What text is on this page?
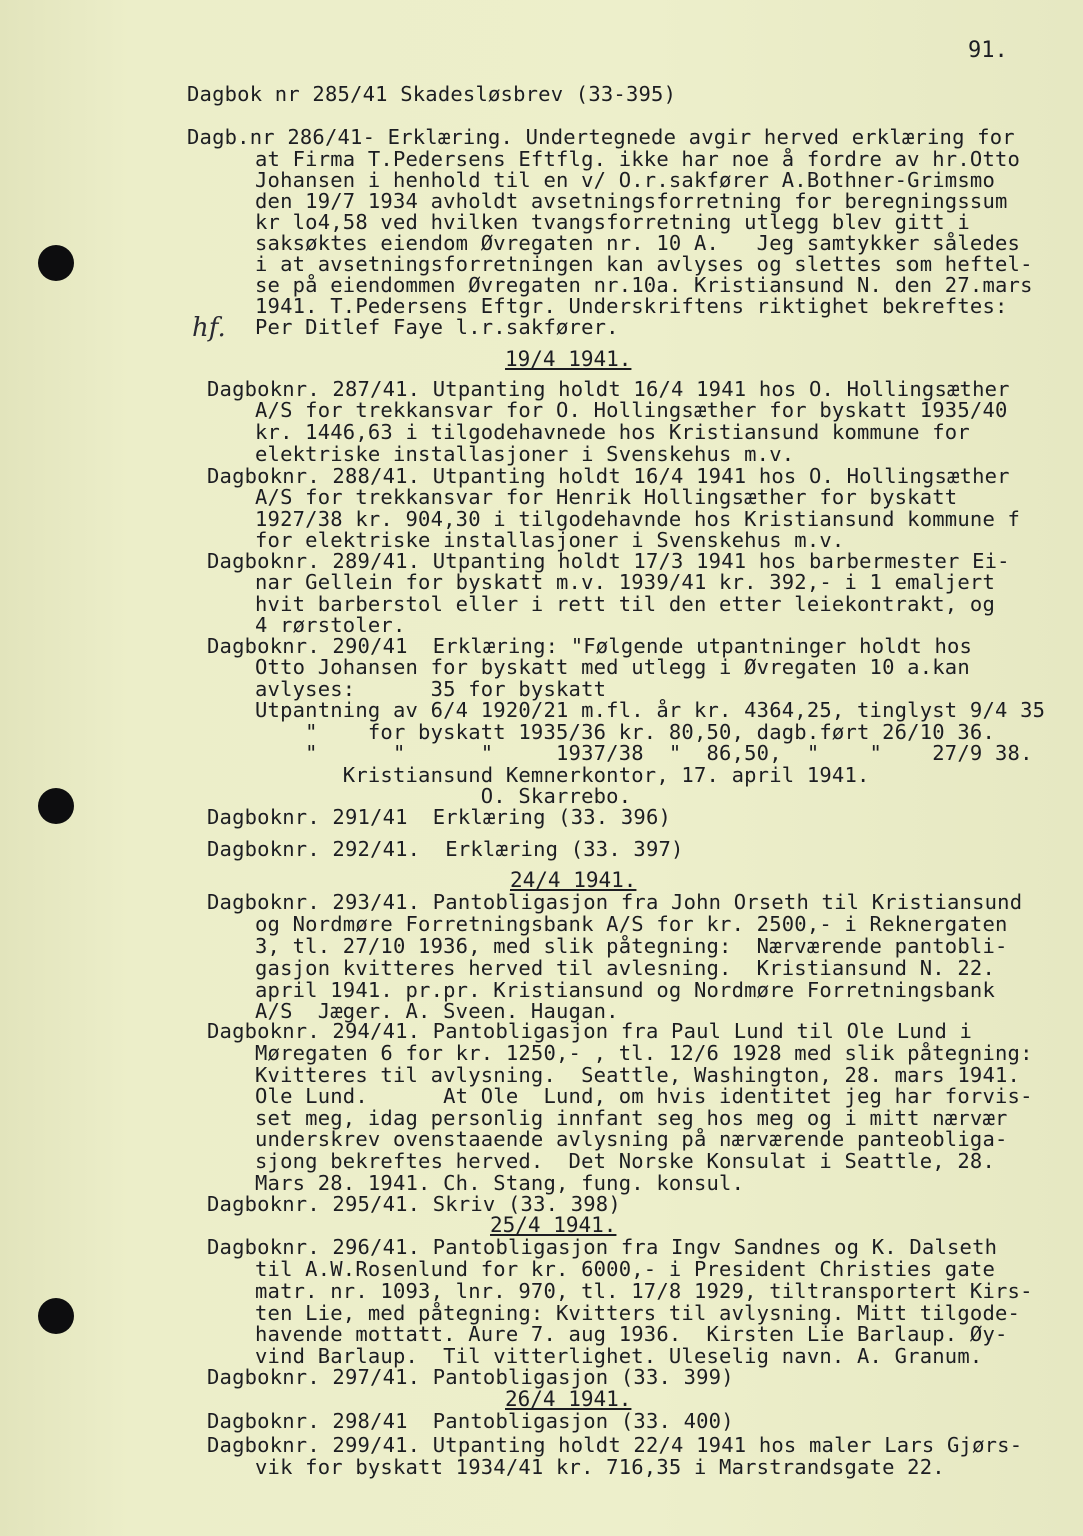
91.
hf.
Dagbok nr 285/41 Skadesløsbrev (33-395)
Dagb.nr 286/41- Erklæring. Undertegnede avgir herved erklæring for
at Firma T.Pedersens Eftflg. ikke har noe å fordre av hr.Otto
Johansen i henhold til en v/ O.r.sakfører A.Bothner-Grimsmo
den 19/7 1934 avholdt avsetningsforretning for beregningssum
kr lo4,58 ved hvilken tvangsforretning utlegg blev gitt i
saksøktes eiendom Øvregaten nr. 10 A.   Jeg samtykker således
i at avsetningsforretningen kan avlyses og slettes som heftel-
se på eiendommen Øvregaten nr.10a. Kristiansund N. den 27.mars
1941. T.Pedersens Eftgr. Underskriftens riktighet bekreftes:
Per Ditlef Faye l.r.sakfører.
19/4 1941.
Dagboknr. 287/41. Utpanting holdt 16/4 1941 hos O. Hollingsæther
A/S for trekkansvar for O. Hollingsæther for byskatt 1935/40
kr. 1446,63 i tilgodehavnede hos Kristiansund kommune for
elektriske installasjoner i Svenskehus m.v.
Dagboknr. 288/41. Utpanting holdt 16/4 1941 hos O. Hollingsæther
A/S for trekkansvar for Henrik Hollingsæther for byskatt
1927/38 kr. 904,30 i tilgodehavnde hos Kristiansund kommune f
for elektriske installasjoner i Svenskehus m.v.
Dagboknr. 289/41. Utpanting holdt 17/3 1941 hos barbermester Ei-
nar Gellein for byskatt m.v. 1939/41 kr. 392,- i 1 emaljert
hvit barberstol eller i rett til den etter leiekontrakt, og
4 rørstoler.
Dagboknr. 290/41  Erklæring: "Følgende utpantninger holdt hos
Otto Johansen for byskatt med utlegg i Øvregaten 10 a.kan
avlyses:      35 for byskatt
Utpantning av 6/4 1920/21 m.fl. år kr. 4364,25, tinglyst 9/4 35
"    for byskatt 1935/36 kr. 80,50, dagb.ført 26/10 36.
"      "      "     1937/38  "  86,50,  "    "    27/9 38.
Kristiansund Kemnerkontor, 17. april 1941.
O. Skarrebo.
Dagboknr. 291/41  Erklæring (33. 396)
Dagboknr. 292/41.  Erklæring (33. 397)
24/4 1941.
Dagboknr. 293/41. Pantobligasjon fra John Orseth til Kristiansund
og Nordmøre Forretningsbank A/S for kr. 2500,- i Reknergaten
3, tl. 27/10 1936, med slik påtegning:  Nærværende pantobli-
gasjon kvitteres herved til avlesning.  Kristiansund N. 22.
april 1941. pr.pr. Kristiansund og Nordmøre Forretningsbank
A/S  Jæger. A. Sveen. Haugan.
Dagboknr. 294/41. Pantobligasjon fra Paul Lund til Ole Lund i
Møregaten 6 for kr. 1250,- , tl. 12/6 1928 med slik påtegning:
Kvitteres til avlysning.  Seattle, Washington, 28. mars 1941.
Ole Lund.      At Ole  Lund, om hvis identitet jeg har forvis-
set meg, idag personlig innfant seg hos meg og i mitt nærvær
underskrev ovenstaaende avlysning på nærværende panteobliga-
sjong bekreftes herved.  Det Norske Konsulat i Seattle, 28.
Mars 28. 1941. Ch. Stang, fung. konsul.
Dagboknr. 295/41. Skriv (33. 398)
25/4 1941.
Dagboknr. 296/41. Pantobligasjon fra Ingv Sandnes og K. Dalseth
til A.W.Rosenlund for kr. 6000,- i President Christies gate
matr. nr. 1093, lnr. 970, tl. 17/8 1929, tiltransportert Kirs-
ten Lie, med påtegning: Kvitters til avlysning. Mitt tilgode-
havende mottatt. Aure 7. aug 1936.  Kirsten Lie Barlaup. Øy-
vind Barlaup.  Til vitterlighet. Uleselig navn. A. Granum.
Dagboknr. 297/41. Pantobligasjon (33. 399)
26/4 1941.
Dagboknr. 298/41  Pantobligasjon (33. 400)
Dagboknr. 299/41. Utpanting holdt 22/4 1941 hos maler Lars Gjørs-
vik for byskatt 1934/41 kr. 716,35 i Marstrandsgate 22.
